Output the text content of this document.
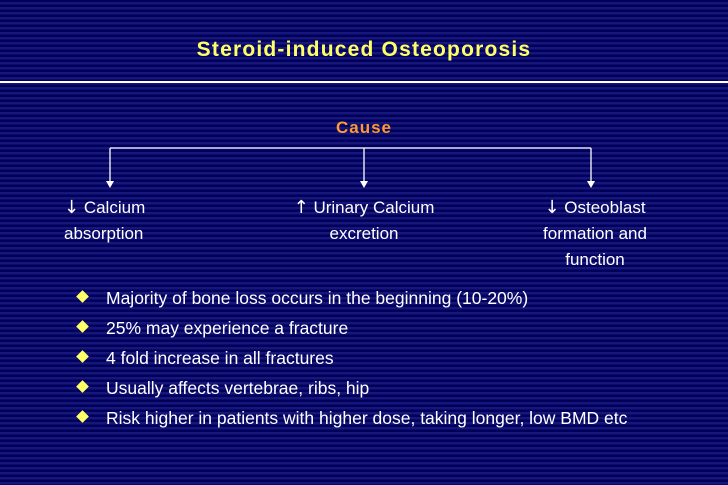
Steroid-induced Osteoporosis
Cause
↓ Calcium absorption
↑ Urinary Calcium excretion
↓ Osteoblast formation and function
Majority of bone loss occurs in the beginning (10-20%)
25% may experience a fracture
4 fold increase in all fractures
Usually affects vertebrae, ribs, hip
Risk higher in patients with higher dose, taking longer, low BMD etc
